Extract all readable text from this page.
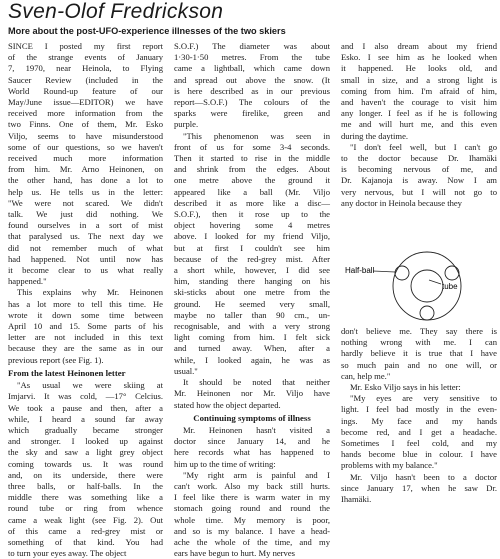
Sven-Olof Fredrickson
More about the post-UFO-experience illnesses of the two skiers
SINCE I posted my first report
of the strange events of January
7, 1970, near Heinola, to Flying
Saucer Review (included in the
World Round-up feature of our
May/June issue—EDITOR) we have
received more information from the
two Finns. One of them, Mr. Esko
Viljo, seems to have misunderstood
some of our questions, so we haven't
received much more information
from him. Mr. Arno Heinonen, on
the other hand, has done a lot to
help us. He tells us in the letter:
"We were not scared. We didn't
talk. We just did nothing. We
found ourselves in a sort of mist
that paralysed us. The next day we
did not remember much of what
had happened. Not until now has
it become clear to us what really
happened."
This explains why Mr. Heinonen
has a lot more to tell this time. He
wrote it down some time between
April 10 and 15. Some parts of his
letter are not included in this text
because they are the same as in our
previous report (see Fig. 1).
From the latest Heinonen letter
"As usual we were skiing at
Imjarvi. It was cold, —17° Celcius.
We took a pause and then, after a
while, I heard a sound far away
which gradually became stronger
and stronger. I looked up against
the sky and saw a light grey object
coming towards us. It was round
and, on its underside, there were
three balls, or half-balls. In the
middle there was something like a
round tube or ring from whence
came a weak light (see Fig. 2). Out
of this came a red-grey mist or
something of that kind. You had
to turn your eyes away. The object
S.O.F.) The diameter was about
1·30-1·50 metres. From the tube
came a lightball, which came down
and spread out above the snow. (It
is here described as in our previous
report—S.O.F.) The colours of the
sparks were firelike, green and
purple.
"This phenomenon was seen in
front of us for some 3-4 seconds.
Then it started to rise in the middle
and shrink from the edges. About
one metre above the ground it
appeared like a ball (Mr. Viljo
described it as more like a disc—
S.O.F.), then it rose up to the
object hovering some 4 metres
above. I looked for my friend Viljo,
but at first I couldn't see him
because of the red-grey mist. After
a short while, however, I did see
him, standing there hanging on his
ski-sticks about one metre from the
ground. He seemed very small,
maybe no taller than 90 cm., un-
recognisable, and with a very strong
light coming from him. I felt sick
and turned away. When, after a
while, I looked again, he was as
usual."
It should be noted that neither
Mr. Heinonen nor Mr. Viljo have
stated how the object departed.
Continuing symptoms of illness
Mr. Heinonen hasn't visited a
doctor since January 14, and he
here records what has happened to
him up to the time of writing:
"My right arm is painful and I
can't work. Also my back still hurts.
I feel like there is warm water in my
stomach going round and round the
whole time. My memory is poor,
and so is my balance. I have a head-
ache the whole of the time, and my
ears have begun to hurt. My nerves
and I also dream about my friend
Esko. I see him as he looked when
it happened. He looks old, and
small in size, and a strong light is
coming from him. I'm afraid of him,
and haven't the courage to visit him
any longer. I feel as if he is following
me and will hurt me, and this even
during the daytime.
"I don't feel well, but I can't go
to the doctor because Dr. Ihamäki
is becoming nervous of me, and
Dr. Kajanoja is away. Now I am
very nervous, but I will not go to
any doctor in Heinola because they
Half-ball
tube
don't believe me. They say there is
nothing wrong with me. I can
hardly believe it is true that I have
so much pain and no one will, or
can, help me."
Mr. Esko Viljo says in his letter:
"My eyes are very sensitive to
light. I feel bad mostly in the even-
ings. My face and my hands
become red, and I get a headache.
Sometimes I feel cold, and my
hands become blue in colour. I have
problems with my balance."
Mr. Viljo hasn't been to a doctor
since January 17, when he saw Dr.
Ihamäki.
